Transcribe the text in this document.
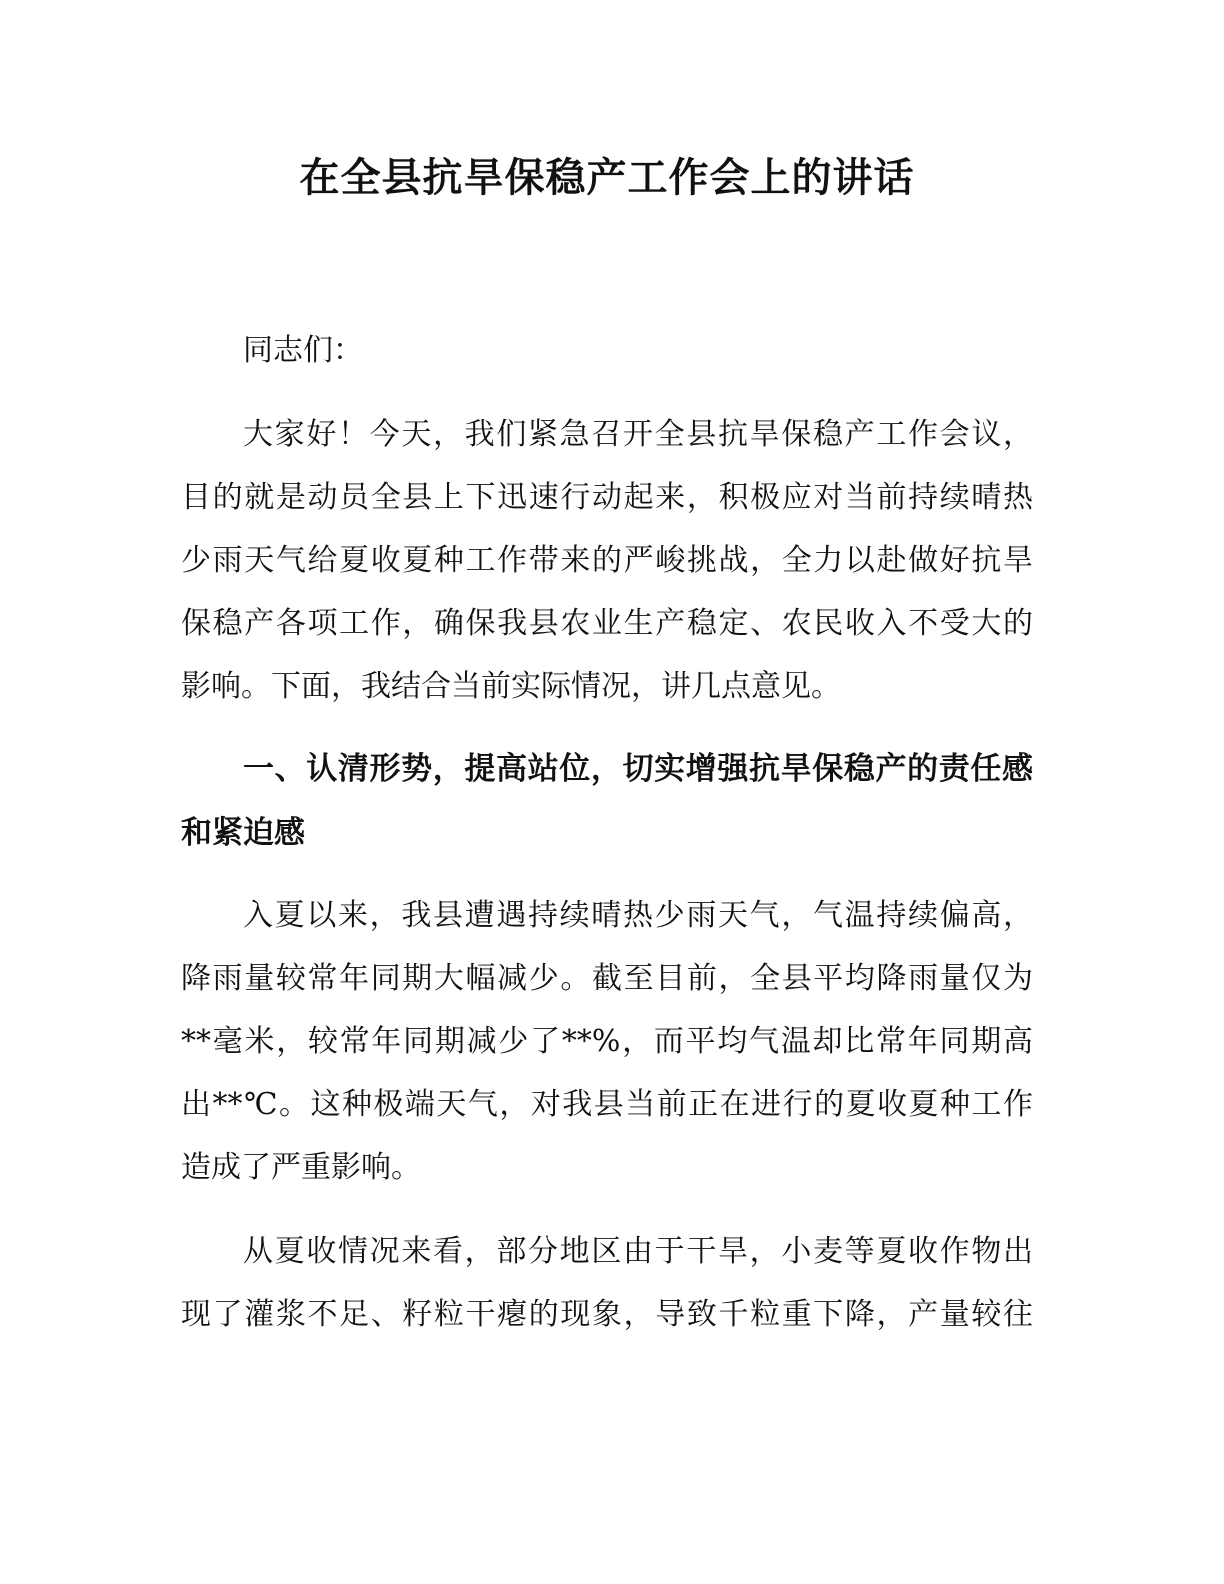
在全县抗旱保稳产工作会上的讲话

同志们：

大家好！今天，我们紧急召开全县抗旱保稳产工作会议，

目的就是动员全县上下迅速行动起来，积极应对当前持续晴热

少雨天气给夏收夏种工作带来的严峻挑战，全力以赴做好抗旱

保稳产各项工作，确保我县农业生产稳定、农民收入不受大的

影响。下面，我结合当前实际情况，讲几点意见。

一、认清形势，提高站位，切实增强抗旱保稳产的责任感

和紧迫感

入夏以来，我县遭遇持续晴热少雨天气，气温持续偏高，

降雨量较常年同期大幅减少。截至目前，全县平均降雨量仅为

**毫米，较常年同期减少了**%，而平均气温却比常年同期高

出**℃。这种极端天气，对我县当前正在进行的夏收夏种工作

造成了严重影响。

从夏收情况来看，部分地区由于干旱，小麦等夏收作物出

现了灌浆不足、籽粒干瘪的现象，导致千粒重下降，产量较往
